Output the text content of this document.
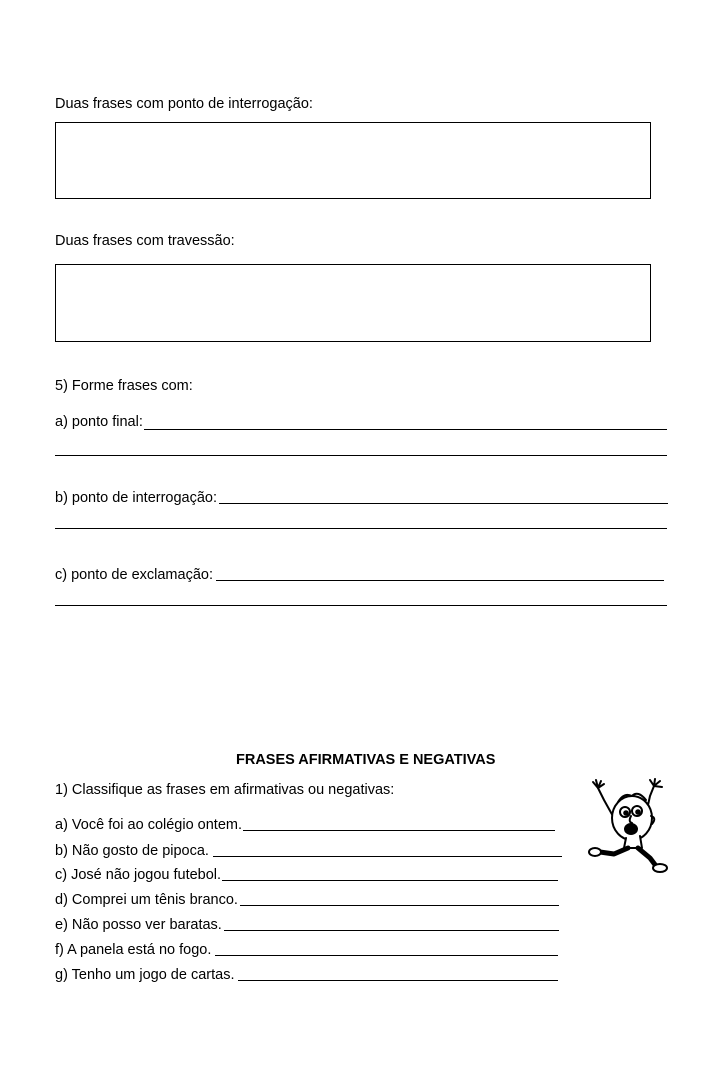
Duas frases com ponto de interrogação:
Duas frases com travessão:
5) Forme frases com:
a) ponto final:
b) ponto de interrogação:
c) ponto de exclamação:
FRASES AFIRMATIVAS E NEGATIVAS
1) Classifique as frases em afirmativas ou negativas:
a) Você foi ao colégio ontem.
b) Não gosto de pipoca.
c) José não jogou futebol.
d) Comprei um tênis branco.
e) Não posso ver baratas.
f) A panela está no fogo.
g) Tenho um jogo de cartas.
